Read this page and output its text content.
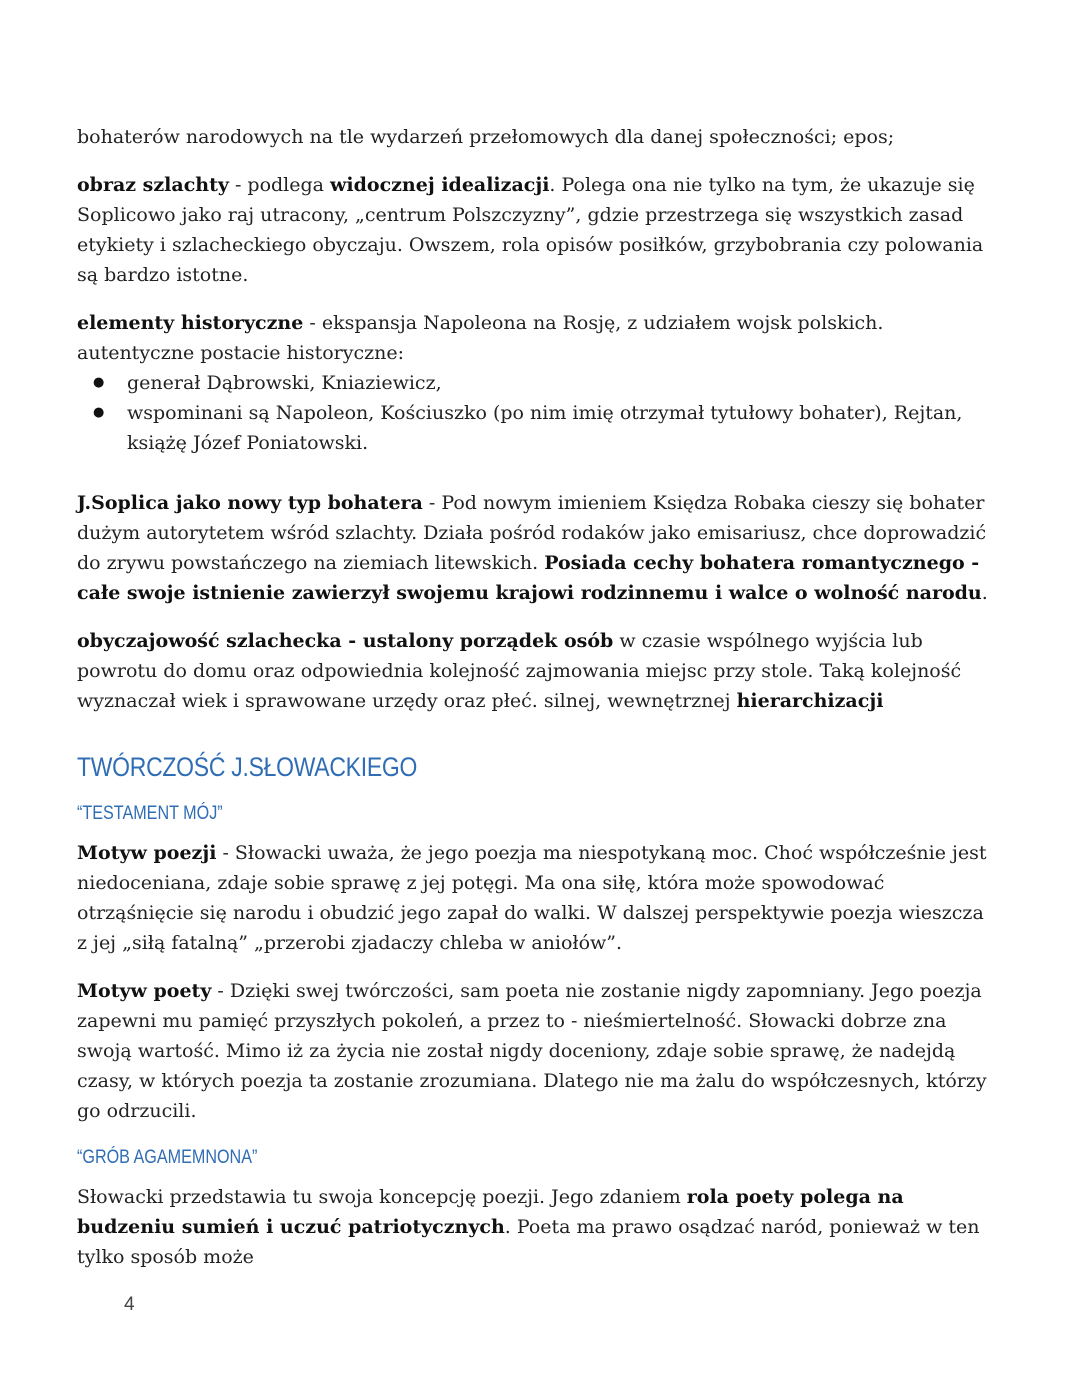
bohaterów narodowych na tle wydarzeń przełomowych dla danej społeczności; epos;

obraz szlachty - podlega widocznej idealizacji. Polega ona nie tylko na tym, że ukazuje się Soplicowo jako raj utracony, „centrum Polszczyzny”, gdzie przestrzega się wszystkich zasad etykiety i szlacheckiego obyczaju. Owszem, rola opisów posiłków, grzybobrania czy polowania są bardzo istotne.

elementy historyczne - ekspansja Napoleona na Rosję, z udziałem wojsk polskich. autentyczne postacie historyczne:

● generał Dąbrowski, Kniaziewicz,
● wspominani są Napoleon, Kościuszko (po nim imię otrzymał tytułowy bohater), Rejtan, książę Józef Poniatowski.

J.Soplica jako nowy typ bohatera - Pod nowym imieniem Księdza Robaka cieszy się bohater dużym autorytetem wśród szlachty. Działa pośród rodaków jako emisariusz, chce doprowadzić do zrywu powstańczego na ziemiach litewskich. Posiada cechy bohatera romantycznego - całe swoje istnienie zawierzył swojemu krajowi rodzinnemu i walce o wolność narodu.

obyczajowość szlachecka - ustalony porządek osób w czasie wspólnego wyjścia lub powrotu do domu oraz odpowiednia kolejność zajmowania miejsc przy stole. Taką kolejność wyznaczał wiek i sprawowane urzędy oraz płeć. silnej, wewnętrznej hierarchizacji

TWÓRCZOŚĆ J.SŁOWACKIEGO
“TESTAMENT MÓJ”

Motyw poezji - Słowacki uważa, że jego poezja ma niespotykaną moc. Choć współcześnie jest niedoceniana, zdaje sobie sprawę z jej potęgi. Ma ona siłę, która może spowodować otrząśnięcie się narodu i obudzić jego zapał do walki. W dalszej perspektywie poezja wieszcza z jej „siłą fatalną” „przerobi zjadaczy chleba w aniołów”.

Motyw poety - Dzięki swej twórczości, sam poeta nie zostanie nigdy zapomniany. Jego poezja zapewni mu pamięć przyszłych pokoleń, a przez to - nieśmiertelność. Słowacki dobrze zna swoją wartość. Mimo iż za życia nie został nigdy doceniony, zdaje sobie sprawę, że nadejdą czasy, w których poezja ta zostanie zrozumiana. Dlatego nie ma żalu do współczesnych, którzy go odrzucili.

“GRÓB AGAMEMNONA”

Słowacki przedstawia tu swoja koncepcję poezji. Jego zdaniem rola poety polega na budzeniu sumień i uczuć patriotycznych. Poeta ma prawo osądzać naród, ponieważ w ten tylko sposób może

4
